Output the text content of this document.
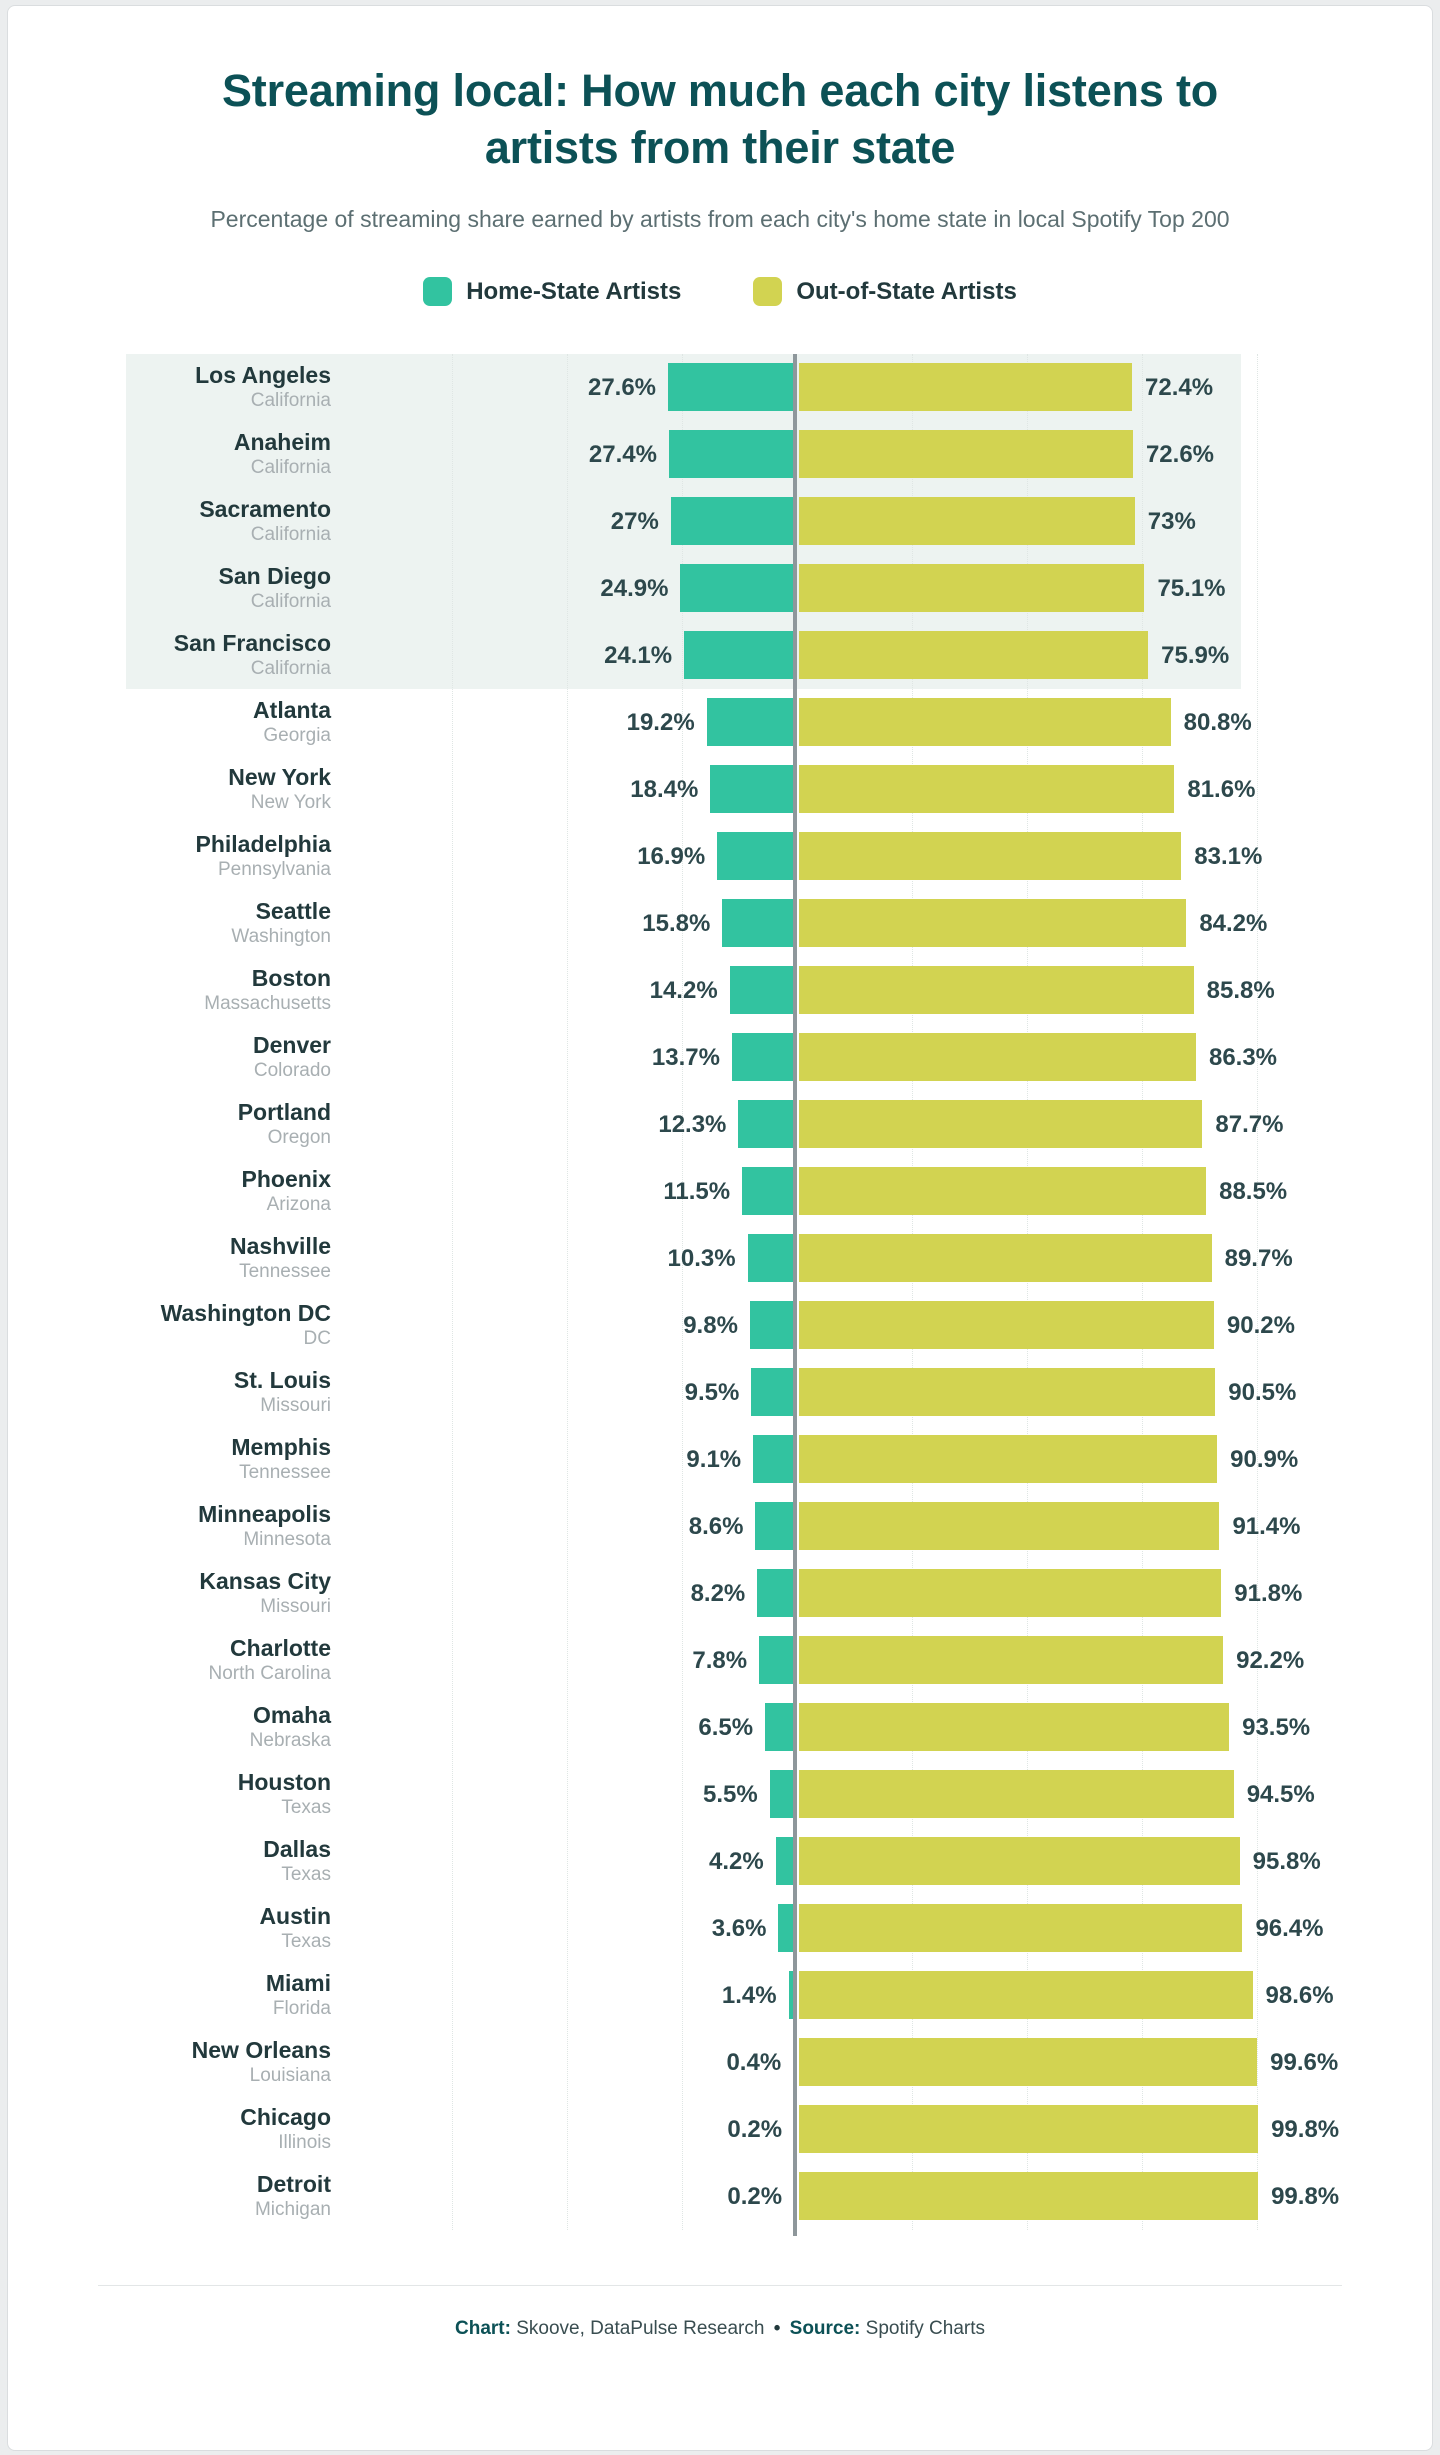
Streaming local: How much each city listens to artists from their state
Percentage of streaming share earned by artists from each city's home state in local Spotify Top 200
Home-State Artists	Out-of-State Artists
Los Angeles
California	27.6%	72.4%
Anaheim
California	27.4%	72.6%
Sacramento
California	27%	73%
San Diego
California	24.9%	75.1%
San Francisco
California	24.1%	75.9%
Atlanta
Georgia	19.2%	80.8%
New York
New York	18.4%	81.6%
Philadelphia
Pennsylvania	16.9%	83.1%
Seattle
Washington	15.8%	84.2%
Boston
Massachusetts	14.2%	85.8%
Denver
Colorado	13.7%	86.3%
Portland
Oregon	12.3%	87.7%
Phoenix
Arizona	11.5%	88.5%
Nashville
Tennessee	10.3%	89.7%
Washington DC
DC	9.8%	90.2%
St. Louis
Missouri	9.5%	90.5%
Memphis
Tennessee	9.1%	90.9%
Minneapolis
Minnesota	8.6%	91.4%
Kansas City
Missouri	8.2%	91.8%
Charlotte
North Carolina	7.8%	92.2%
Omaha
Nebraska	6.5%	93.5%
Houston
Texas	5.5%	94.5%
Dallas
Texas	4.2%	95.8%
Austin
Texas	3.6%	96.4%
Miami
Florida	1.4%	98.6%
New Orleans
Louisiana	0.4%	99.6%
Chicago
Illinois	0.2%	99.8%
Detroit
Michigan	0.2%	99.8%
Chart: Skoove, DataPulse Research • Source: Spotify Charts
